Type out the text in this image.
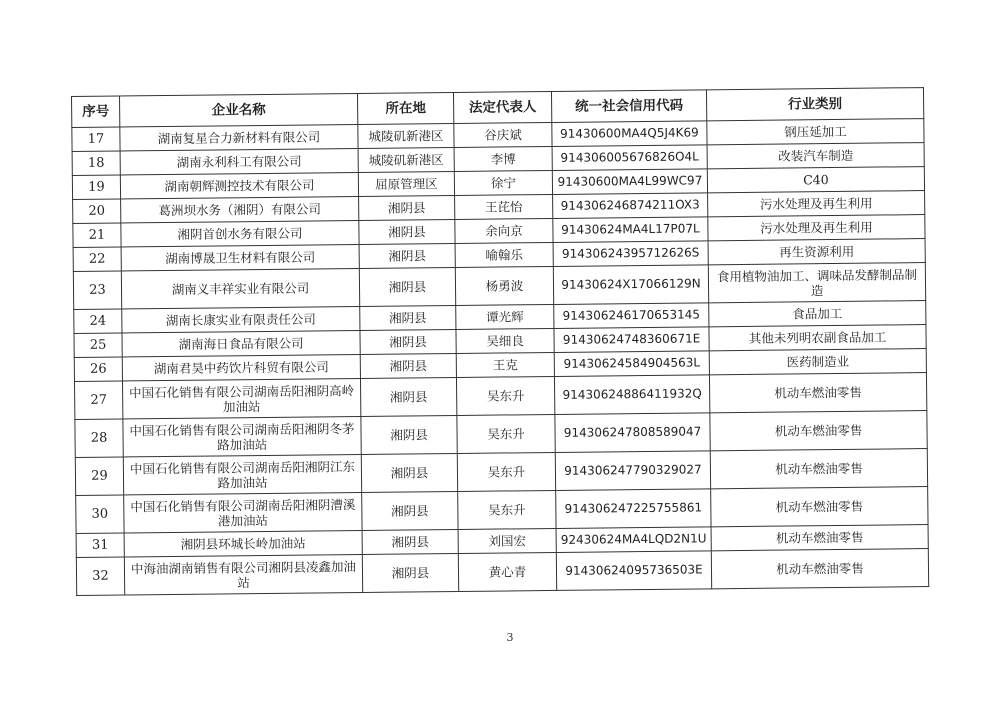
序号	企业名称	所在地	法定代表人	统一社会信用代码	行业类别
17	湖南复星合力新材料有限公司	城陵矶新港区	谷庆斌	91430600MA4Q5J4K69	钢压延加工
18	湖南永利科工有限公司	城陵矶新港区	李博	914306005676826O4L	改装汽车制造
19	湖南朝辉测控技术有限公司	屈原管理区	徐宁	91430600MA4L99WC97	C40
20	葛洲坝水务（湘阴）有限公司	湘阴县	王芘怡	914306246874211OX3	污水处理及再生利用
21	湘阴首创水务有限公司	湘阴县	余向京	91430624MA4L17P07L	污水处理及再生利用
22	湖南博晟卫生材料有限公司	湘阴县	喻翰乐	91430624395712626S	再生资源利用
23	湖南义丰祥实业有限公司	湘阴县	杨勇波	91430624X17066129N	食用植物油加工、调味品发酵制品制造
24	湖南长康实业有限责任公司	湘阴县	谭光辉	914306246170653145	食品加工
25	湖南海日食品有限公司	湘阴县	吴细良	91430624748360671E	其他未列明农副食品加工
26	湖南君昊中药饮片科贸有限公司	湘阴县	王克	91430624584904563L	医药制造业
27	中国石化销售有限公司湖南岳阳湘阴高岭加油站	湘阴县	吴东升	91430624886411932Q	机动车燃油零售
28	中国石化销售有限公司湖南岳阳湘阴冬茅路加油站	湘阴县	吴东升	914306247808589047	机动车燃油零售
29	中国石化销售有限公司湖南岳阳湘阴江东路加油站	湘阴县	吴东升	914306247790329027	机动车燃油零售
30	中国石化销售有限公司湖南岳阳湘阴漕溪港加油站	湘阴县	吴东升	914306247225755861	机动车燃油零售
31	湘阴县环城长岭加油站	湘阴县	刘国宏	92430624MA4LQD2N1U	机动车燃油零售
32	中海油湖南销售有限公司湘阴县凌鑫加油站	湘阴县	黄心青	91430624095736503E	机动车燃油零售
3
